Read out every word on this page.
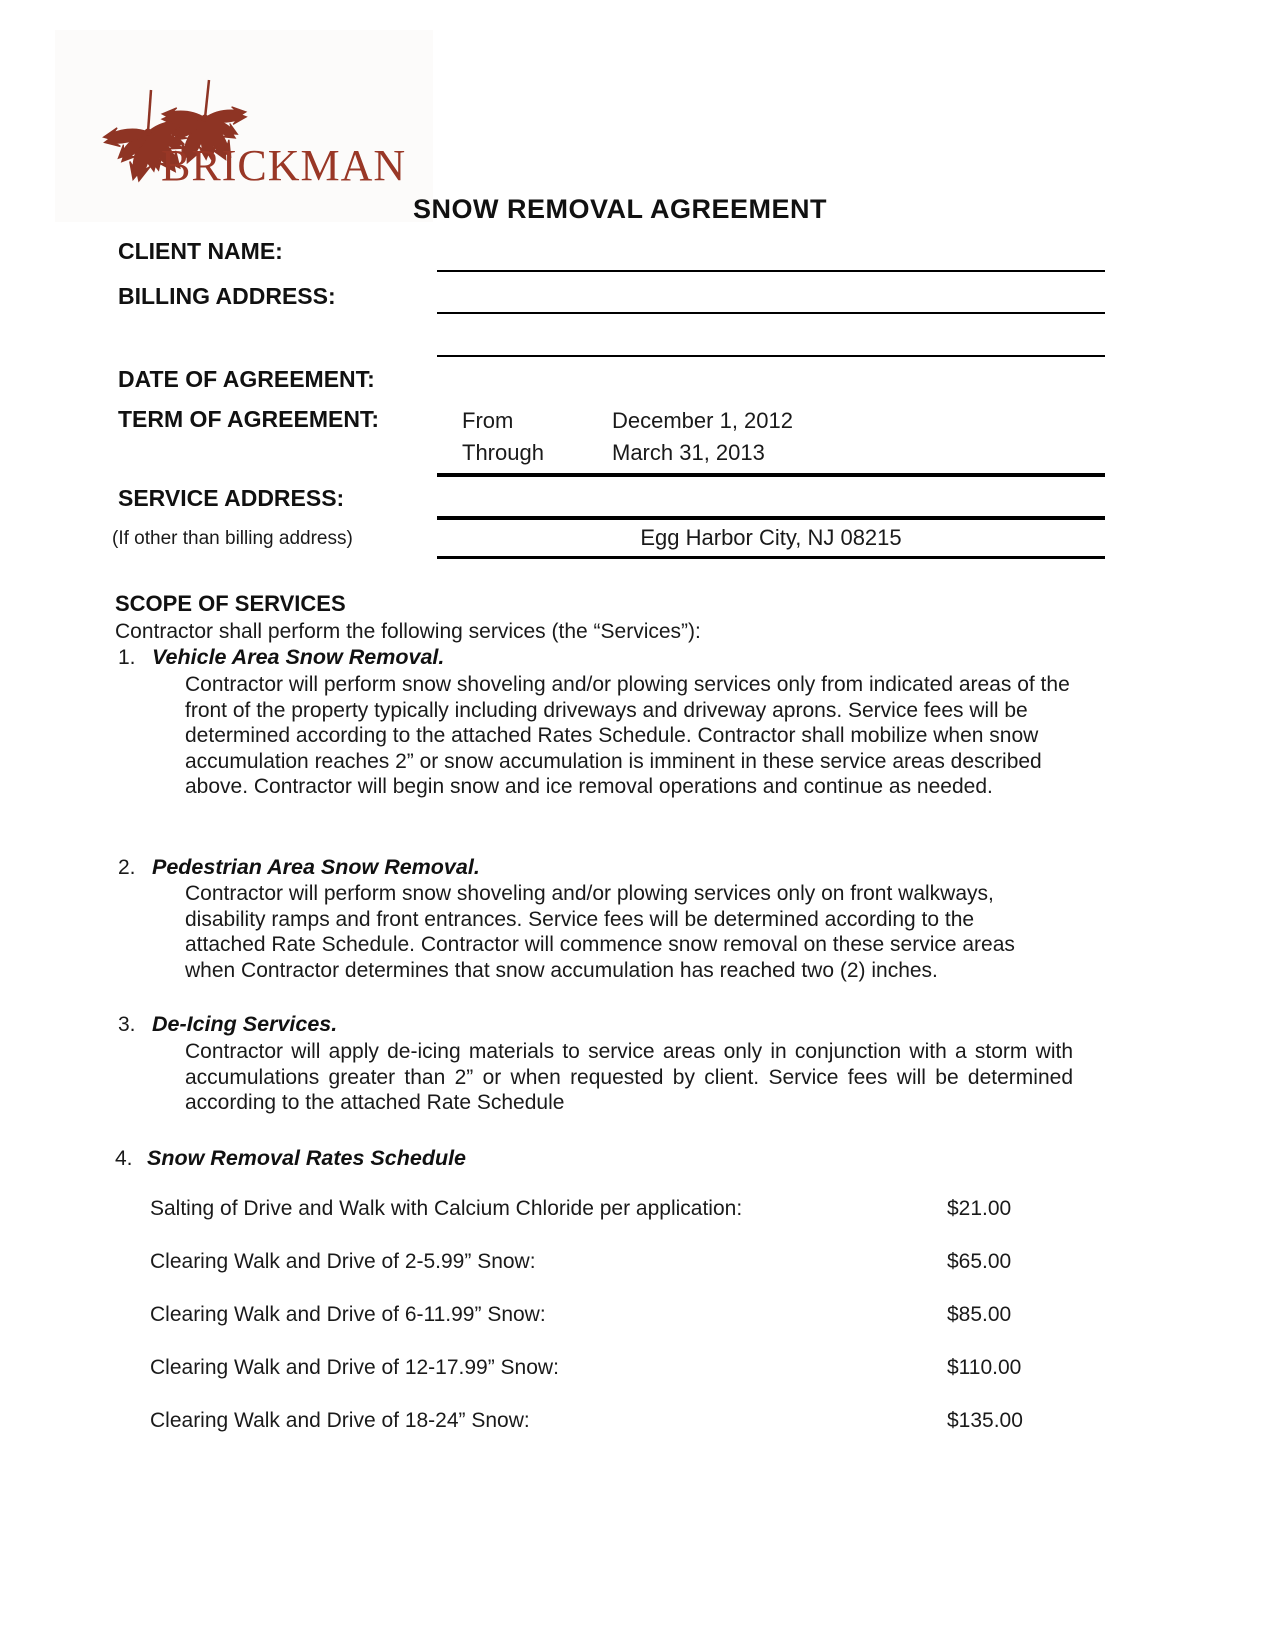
BRICKMAN
SNOW REMOVAL AGREEMENT
CLIENT NAME:
BILLING ADDRESS:
DATE OF AGREEMENT:
TERM OF AGREEMENT:	From	December 1, 2012
Through	March 31, 2013
SERVICE ADDRESS:
(If other than billing address)	Egg Harbor City, NJ 08215
SCOPE OF SERVICES
Contractor shall perform the following services (the “Services”):
1. Vehicle Area Snow Removal.
Contractor will perform snow shoveling and/or plowing services only from indicated areas of the front of the property typically including driveways and driveway aprons. Service fees will be determined according to the attached Rates Schedule. Contractor shall mobilize when snow accumulation reaches 2” or snow accumulation is imminent in these service areas described above. Contractor will begin snow and ice removal operations and continue as needed.
2. Pedestrian Area Snow Removal.
Contractor will perform snow shoveling and/or plowing services only on front walkways, disability ramps and front entrances. Service fees will be determined according to the attached Rate Schedule. Contractor will commence snow removal on these service areas when Contractor determines that snow accumulation has reached two (2) inches.
3. De-Icing Services.
Contractor will apply de-icing materials to service areas only in conjunction with a storm with accumulations greater than 2” or when requested by client. Service fees will be determined according to the attached Rate Schedule
4. Snow Removal Rates Schedule
Salting of Drive and Walk with Calcium Chloride per application:	$21.00
Clearing Walk and Drive of 2-5.99” Snow:	$65.00
Clearing Walk and Drive of 6-11.99” Snow:	$85.00
Clearing Walk and Drive of 12-17.99” Snow:	$110.00
Clearing Walk and Drive of 18-24” Snow:	$135.00
